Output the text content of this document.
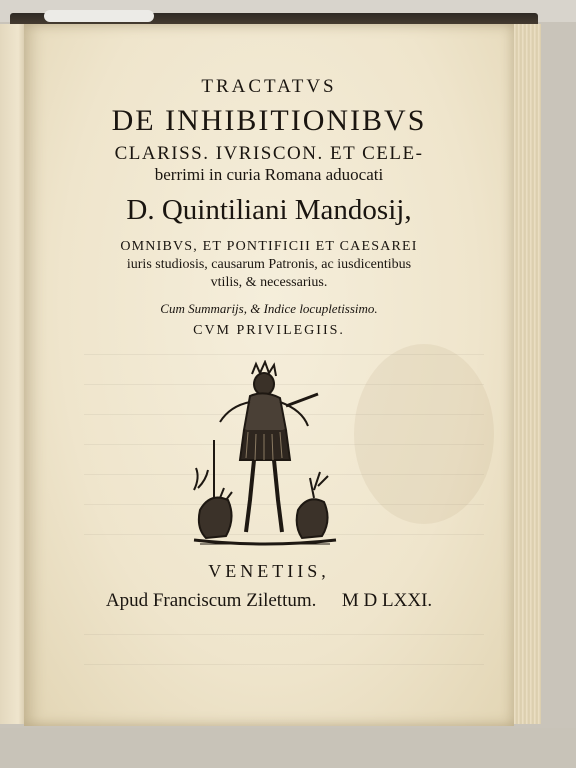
TRACTATVS
DE INHIBITIONIBVS
CLARISS. IVRISCON. ET CELE-
berrimi in curia Romana aduocati
D. Quintiliani Mandosij,
OMNIBVS, ET PONTIFICII ET CAESAREI
iuris studiosis, causarum Patronis, ac iusdicentibus
vtilis, & necessarius.
Cum Summarijs, & Indice locupletissimo.
CVM PRIVILEGIIS.
VENETIIS,
Apud Franciscum Zilettum. M D LXXI.
